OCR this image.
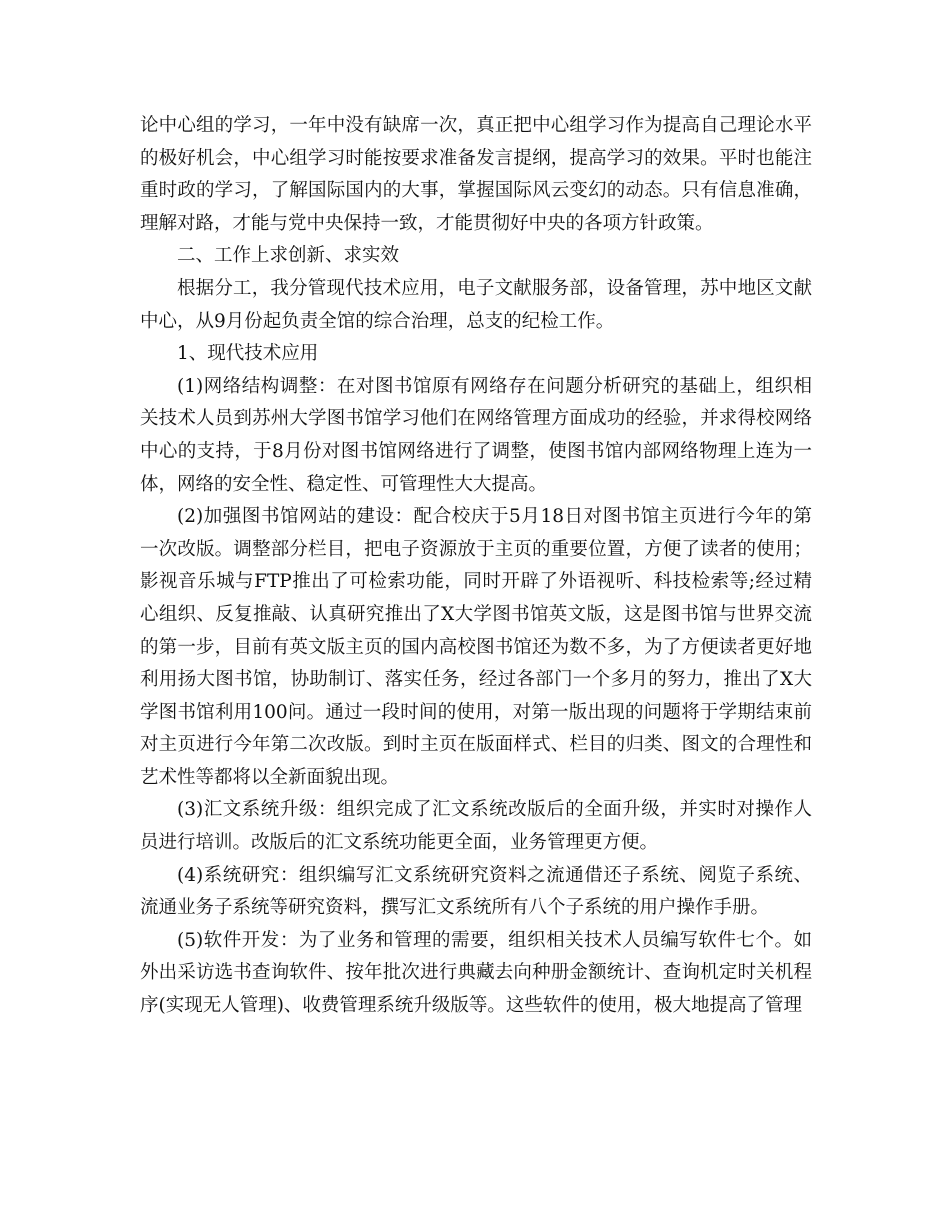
论中心组的学习，一年中没有缺席一次，真正把中心组学习作为提高自己理论水平的极好机会，中心组学习时能按要求准备发言提纲，提高学习的效果。平时也能注重时政的学习，了解国际国内的大事，掌握国际风云变幻的动态。只有信息准确，理解对路，才能与党中央保持一致，才能贯彻好中央的各项方针政策。

二、工作上求创新、求实效

根据分工，我分管现代技术应用，电子文献服务部，设备管理，苏中地区文献中心，从9月份起负责全馆的综合治理，总支的纪检工作。

1、现代技术应用

(1)网络结构调整：在对图书馆原有网络存在问题分析研究的基础上，组织相关技术人员到苏州大学图书馆学习他们在网络管理方面成功的经验，并求得校网络中心的支持，于8月份对图书馆网络进行了调整，使图书馆内部网络物理上连为一体，网络的安全性、稳定性、可管理性大大提高。

(2)加强图书馆网站的建设：配合校庆于5月18日对图书馆主页进行今年的第一次改版。调整部分栏目，把电子资源放于主页的重要位置，方便了读者的使用；影视音乐城与FTP推出了可检索功能，同时开辟了外语视听、科技检索等;经过精心组织、反复推敲、认真研究推出了X大学图书馆英文版，这是图书馆与世界交流的第一步，目前有英文版主页的国内高校图书馆还为数不多，为了方便读者更好地利用扬大图书馆，协助制订、落实任务，经过各部门一个多月的努力，推出了X大学图书馆利用100问。通过一段时间的使用，对第一版出现的问题将于学期结束前对主页进行今年第二次改版。到时主页在版面样式、栏目的归类、图文的合理性和艺术性等都将以全新面貌出现。

(3)汇文系统升级：组织完成了汇文系统改版后的全面升级，并实时对操作人员进行培训。改版后的汇文系统功能更全面，业务管理更方便。

(4)系统研究：组织编写汇文系统研究资料之流通借还子系统、阅览子系统、流通业务子系统等研究资料，撰写汇文系统所有八个子系统的用户操作手册。

(5)软件开发：为了业务和管理的需要，组织相关技术人员编写软件七个。如外出采访选书查询软件、按年批次进行典藏去向种册金额统计、查询机定时关机程序(实现无人管理)、收费管理系统升级版等。这些软件的使用，极大地提高了管理
